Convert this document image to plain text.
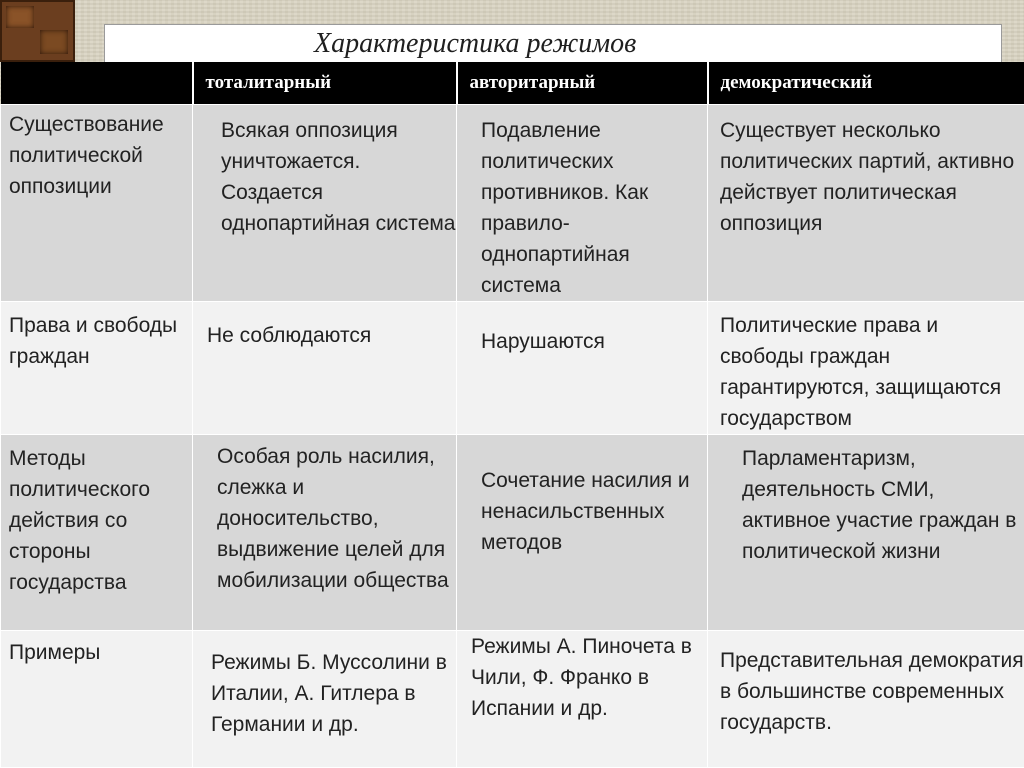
Характеристика режимов
	тоталитарный	авторитарный	демократический

Существование политической оппозиции	Всякая оппозиция уничтожается. Создается однопартийная система	Подавление политических противников. Как правило- однопартийная система	Существует несколько политических партий, активно действует политическая оппозиция

Права и свободы граждан	Не соблюдаются	Нарушаются	Политические права и свободы граждан гарантируются, защищаются государством

Методы политического действия со стороны государства	Особая роль насилия, слежка и доносительство, выдвижение целей для мобилизации общества	Сочетание насилия и ненасильственных методов	Парламентаризм, деятельность СМИ, активное участие граждан в политической жизни

Примеры	Режимы Б. Муссолини в Италии, А. Гитлера в Германии и др.	Режимы А. Пиночета в Чили, Ф. Франко в Испании и др.	Представительная демократия в большинстве современных государств.
